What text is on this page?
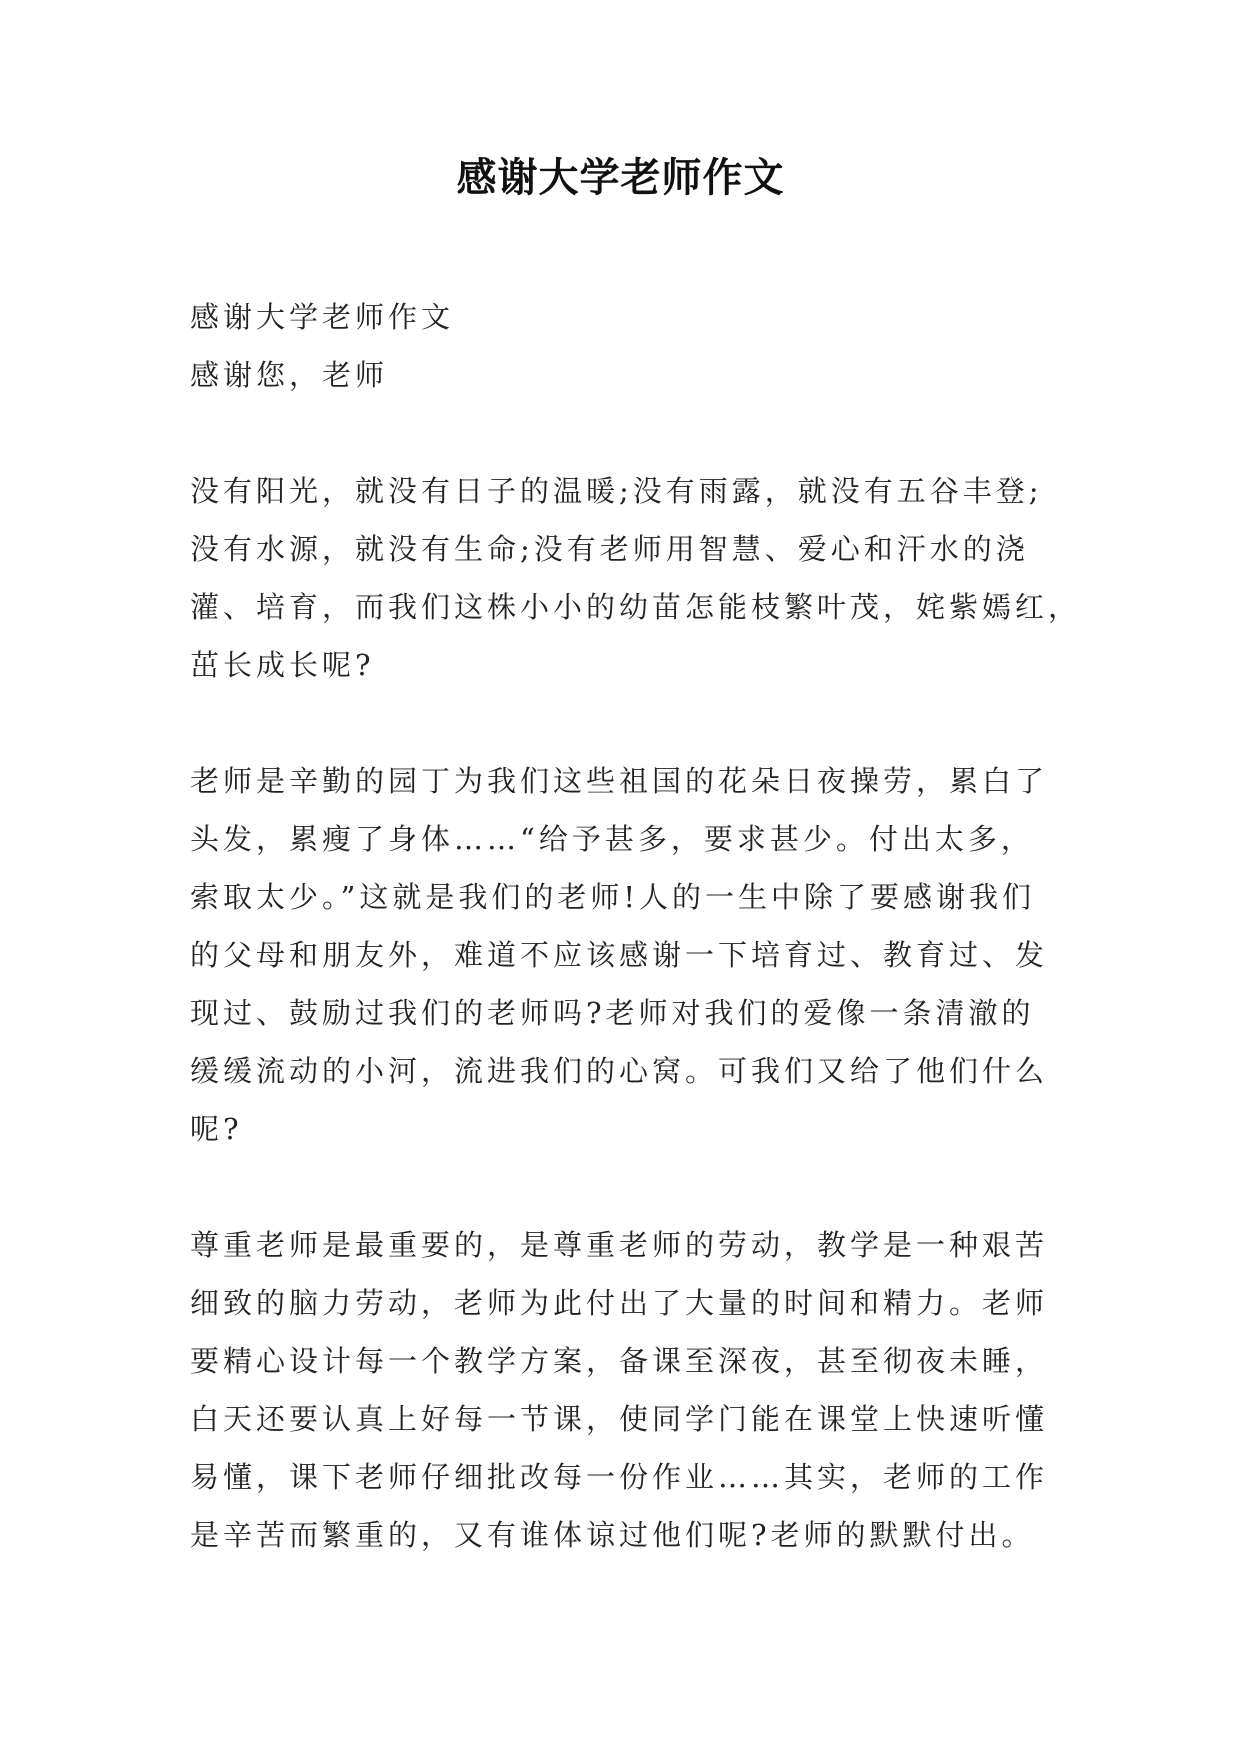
感谢大学老师作文
感谢大学老师作文
感谢您，老师
没有阳光，就没有日子的温暖;没有雨露，就没有五谷丰登;
没有水源，就没有生命;没有老师用智慧、爱心和汗水的浇
灌、培育，而我们这株小小的幼苗怎能枝繁叶茂，姹紫嫣红，
茁长成长呢?
老师是辛勤的园丁为我们这些祖国的花朵日夜操劳，累白了
头发，累瘦了身体……“给予甚多，要求甚少。付出太多，
索取太少。”这就是我们的老师!人的一生中除了要感谢我们
的父母和朋友外，难道不应该感谢一下培育过、教育过、发
现过、鼓励过我们的老师吗?老师对我们的爱像一条清澈的
缓缓流动的小河，流进我们的心窝。可我们又给了他们什么
呢?
尊重老师是最重要的，是尊重老师的劳动，教学是一种艰苦
细致的脑力劳动，老师为此付出了大量的时间和精力。老师
要精心设计每一个教学方案，备课至深夜，甚至彻夜未睡，
白天还要认真上好每一节课，使同学门能在课堂上快速听懂
易懂，课下老师仔细批改每一份作业……其实，老师的工作
是辛苦而繁重的，又有谁体谅过他们呢?老师的默默付出。
